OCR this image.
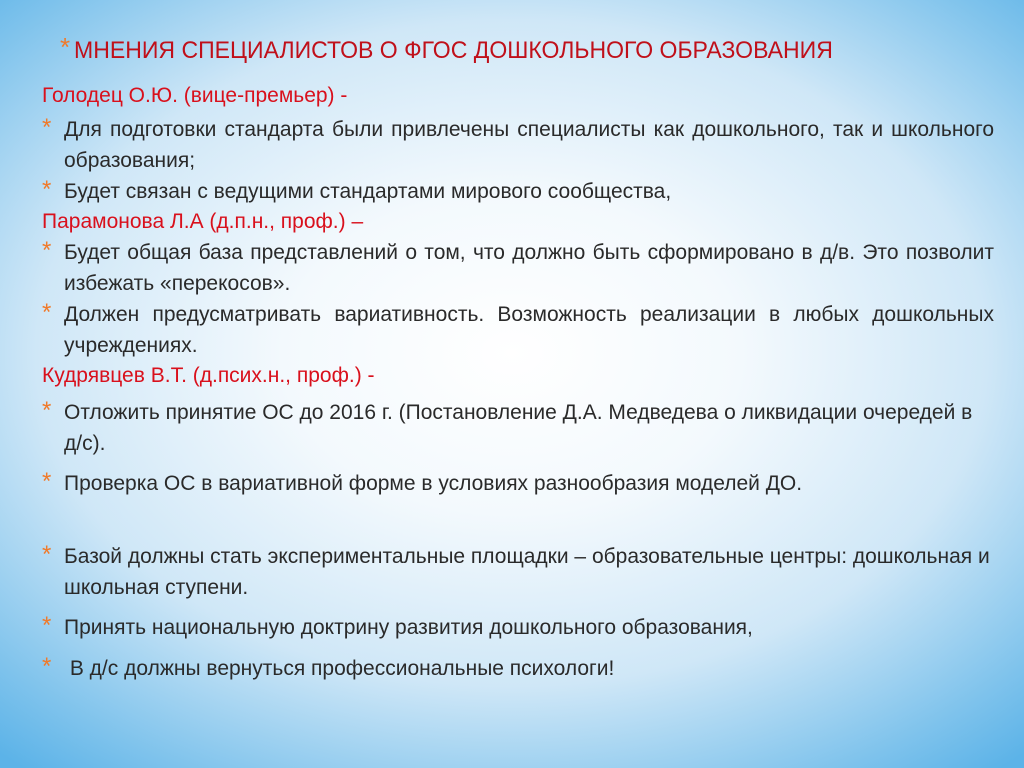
* МНЕНИЯ СПЕЦИАЛИСТОВ О ФГОС ДОШКОЛЬНОГО ОБРАЗОВАНИЯ
Голодец О.Ю. (вице-премьер) -
* Для подготовки стандарта были привлечены специалисты как дошкольного, так и школьного образования;
* Будет связан с ведущими стандартами мирового сообщества,
Парамонова Л.А (д.п.н., проф.) –
* Будет общая база представлений о том, что должно быть сформировано в д/в. Это позволит избежать «перекосов».
* Должен предусматривать вариативность. Возможность реализации в любых дошкольных учреждениях.
Кудрявцев В.Т. (д.псих.н., проф.) -
* Отложить принятие ОС до 2016 г. (Постановление Д.А. Медведева о ликвидации очередей в д/с).
* Проверка ОС в вариативной форме в условиях разнообразия моделей ДО.
* Базой должны стать экспериментальные площадки – образовательные центры: дошкольная и школьная ступени.
* Принять национальную доктрину развития дошкольного образования,
* В д/с должны вернуться профессиональные психологи!
